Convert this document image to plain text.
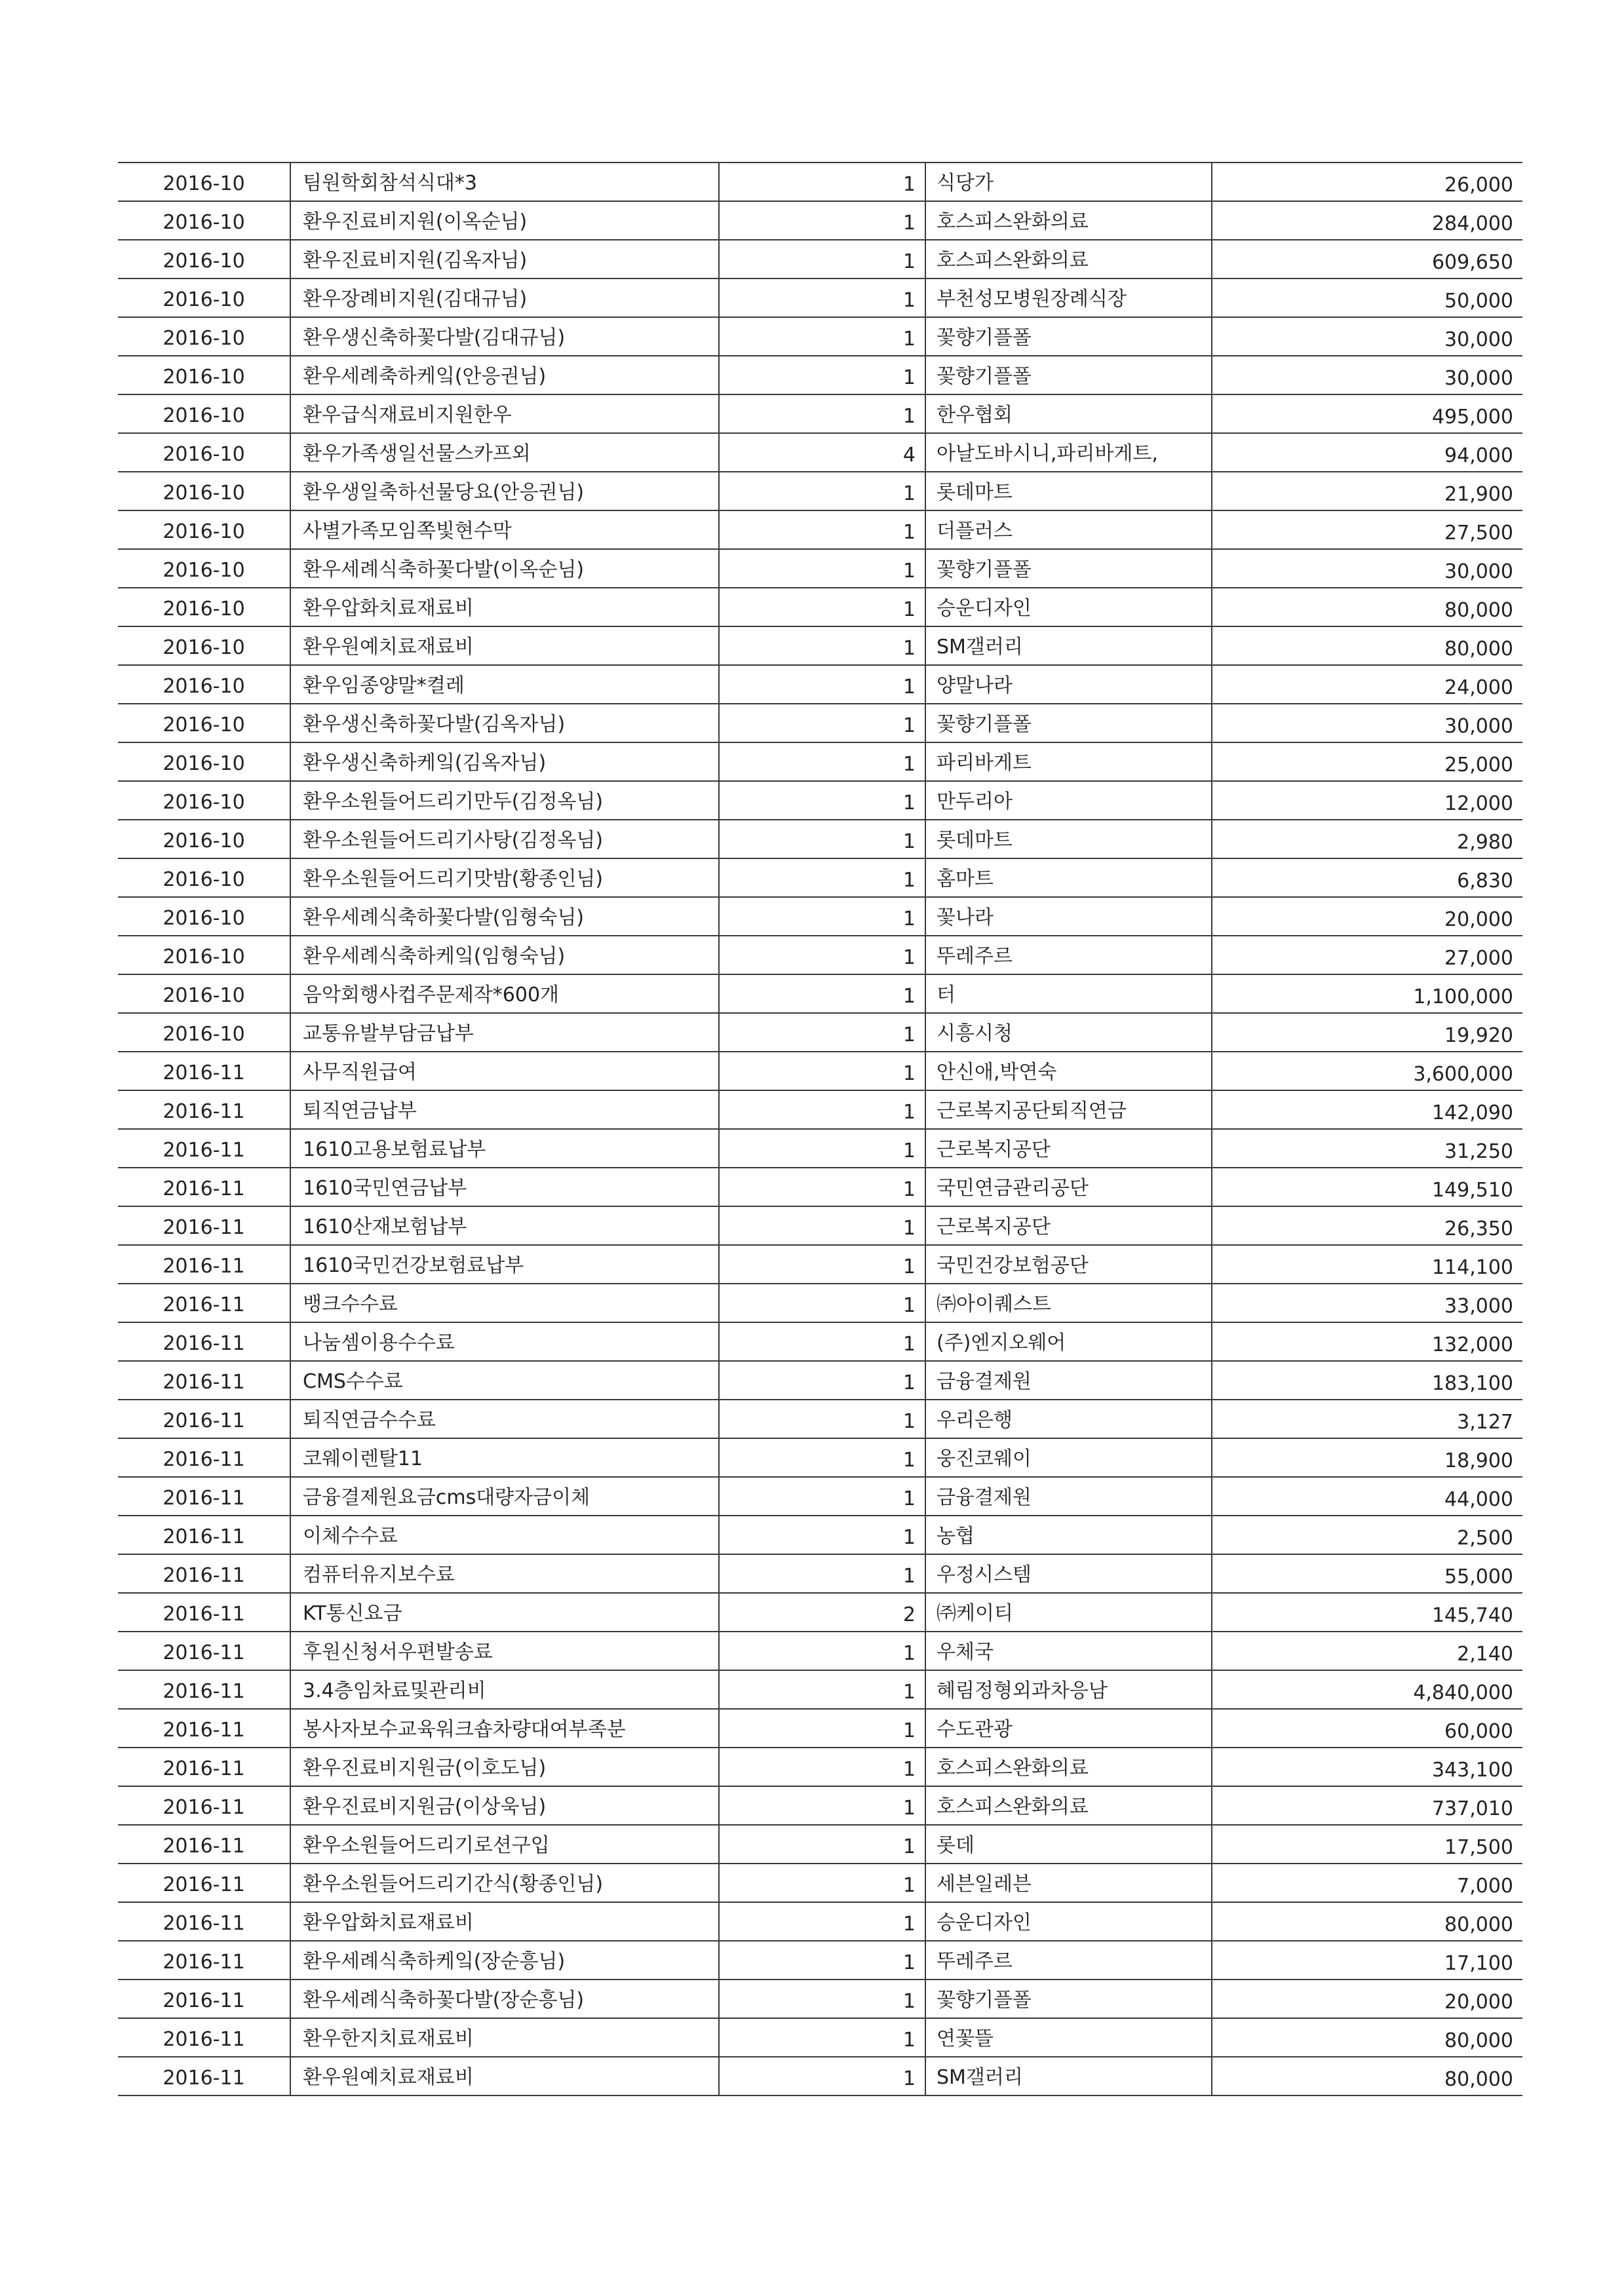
2016-10	팀원학회참석식대*3	1	식당가	26,000
2016-10	환우진료비지원(이옥순님)	1	호스피스완화의료	284,000
2016-10	환우진료비지원(김옥자님)	1	호스피스완화의료	609,650
2016-10	환우장례비지원(김대규님)	1	부천성모병원장례식장	50,000
2016-10	환우생신축하꽃다발(김대규님)	1	꽃향기플폴	30,000
2016-10	환우세례축하케잌(안응권님)	1	꽃향기플폴	30,000
2016-10	환우급식재료비지원한우	1	한우협회	495,000
2016-10	환우가족생일선물스카프외	4	아날도바시니,파리바게트,	94,000
2016-10	환우생일축하선물당요(안응권님)	1	롯데마트	21,900
2016-10	사별가족모임쪽빛현수막	1	더플러스	27,500
2016-10	환우세례식축하꽃다발(이옥순님)	1	꽃향기플폴	30,000
2016-10	환우압화치료재료비	1	승운디자인	80,000
2016-10	환우원예치료재료비	1	SM갤러리	80,000
2016-10	환우임종양말*켤레	1	양말나라	24,000
2016-10	환우생신축하꽃다발(김옥자님)	1	꽃향기플폴	30,000
2016-10	환우생신축하케잌(김옥자님)	1	파리바게트	25,000
2016-10	환우소원들어드리기만두(김정옥님)	1	만두리아	12,000
2016-10	환우소원들어드리기사탕(김정옥님)	1	롯데마트	2,980
2016-10	환우소원들어드리기맛밤(황종인님)	1	홈마트	6,830
2016-10	환우세례식축하꽃다발(임형숙님)	1	꽃나라	20,000
2016-10	환우세례식축하케잌(임형숙님)	1	뚜레주르	27,000
2016-10	음악회행사컵주문제작*600개	1	터	1,100,000
2016-10	교통유발부담금납부	1	시흥시청	19,920
2016-11	사무직원급여	1	안신애,박연숙	3,600,000
2016-11	퇴직연금납부	1	근로복지공단퇴직연금	142,090
2016-11	1610고용보험료납부	1	근로복지공단	31,250
2016-11	1610국민연금납부	1	국민연금관리공단	149,510
2016-11	1610산재보험납부	1	근로복지공단	26,350
2016-11	1610국민건강보험료납부	1	국민건강보험공단	114,100
2016-11	뱅크수수료	1	㈜아이퀘스트	33,000
2016-11	나눔셈이용수수료	1	(주)엔지오웨어	132,000
2016-11	CMS수수료	1	금융결제원	183,100
2016-11	퇴직연금수수료	1	우리은행	3,127
2016-11	코웨이렌탈11	1	웅진코웨이	18,900
2016-11	금융결제원요금cms대량자금이체	1	금융결제원	44,000
2016-11	이체수수료	1	농협	2,500
2016-11	컴퓨터유지보수료	1	우정시스템	55,000
2016-11	KT통신요금	2	㈜케이티	145,740
2016-11	후원신청서우편발송료	1	우체국	2,140
2016-11	3.4층임차료및관리비	1	혜림정형외과차응남	4,840,000
2016-11	봉사자보수교육워크숍차량대여부족분	1	수도관광	60,000
2016-11	환우진료비지원금(이호도님)	1	호스피스완화의료	343,100
2016-11	환우진료비지원금(이상욱님)	1	호스피스완화의료	737,010
2016-11	환우소원들어드리기로션구입	1	롯데	17,500
2016-11	환우소원들어드리기간식(황종인님)	1	세븐일레븐	7,000
2016-11	환우압화치료재료비	1	승운디자인	80,000
2016-11	환우세례식축하케잌(장순흥님)	1	뚜레주르	17,100
2016-11	환우세례식축하꽃다발(장순흥님)	1	꽃향기플폴	20,000
2016-11	환우한지치료재료비	1	연꽃뜰	80,000
2016-11	환우원예치료재료비	1	SM갤러리	80,000
